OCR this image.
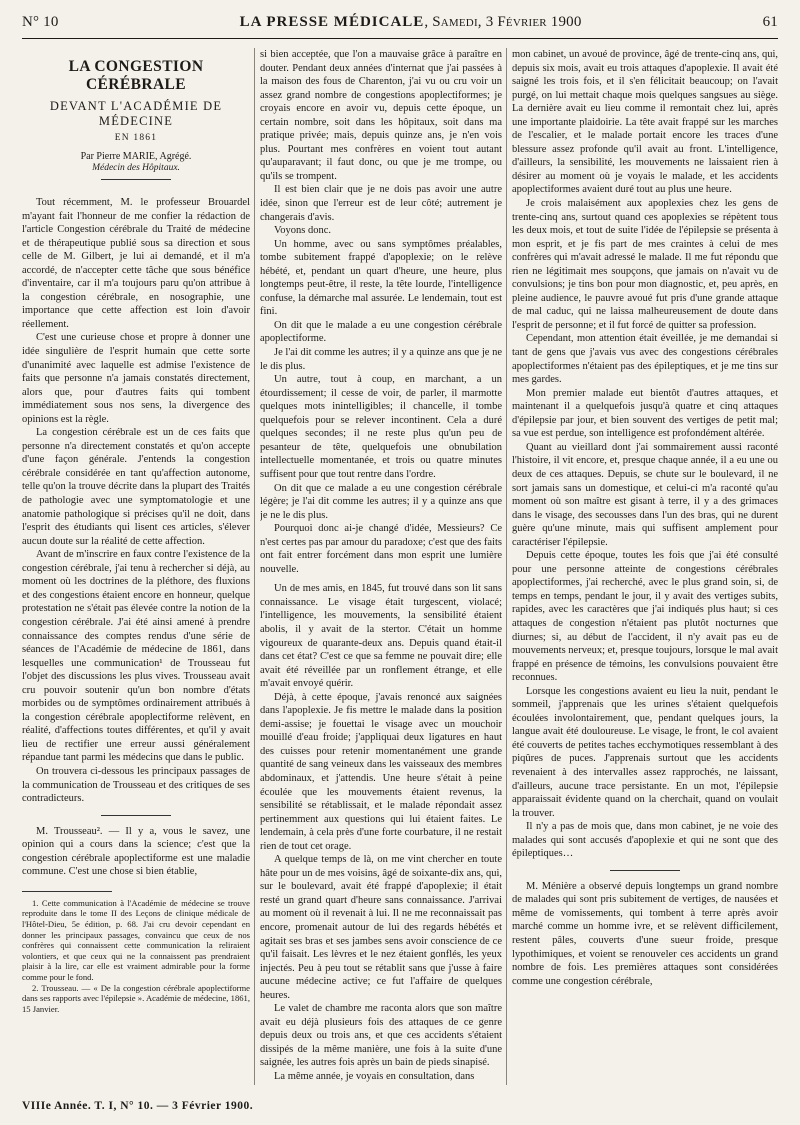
N° 10	LA PRESSE MÉDICALE, Samedi, 3 Février 1900	61
LA CONGESTION CÉRÉBRALE
DEVANT L'ACADÉMIE DE MÉDECINE
EN 1861
Par Pierre MARIE, Agrégé.
Médecin des Hôpitaux.

Tout récemment, M. le professeur Brouardel m'ayant fait l'honneur de me confier la rédaction de l'article Congestion cérébrale du Traité de médecine et de thérapeutique publié sous sa direction et sous celle de M. Gilbert, je lui ai demandé, et il m'a accordé, de n'accepter cette tâche que sous bénéfice d'inventaire, car il m'a toujours paru qu'on attribue à la congestion cérébrale, en nosographie, une importance que cette affection est loin d'avoir réellement.

C'est une curieuse chose et propre à donner une idée singulière de l'esprit humain que cette sorte d'unanimité avec laquelle est admise l'existence de faits que personne n'a jamais constatés directement, alors que, pour d'autres faits qui tombent immédiatement sous nos sens, la divergence des opinions est la règle.

La congestion cérébrale est un de ces faits que personne n'a directement constatés et qu'on accepte d'une façon générale. J'entends la congestion cérébrale considérée en tant qu'affection autonome, telle qu'on la trouve décrite dans la plupart des Traités de pathologie avec une symptomatologie et une anatomie pathologique si précises qu'il ne doit, dans l'esprit des étudiants qui lisent ces articles, s'élever aucun doute sur la réalité de cette affection.

Avant de m'inscrire en faux contre l'existence de la congestion cérébrale, j'ai tenu à rechercher si déjà, au moment où les doctrines de la pléthore, des fluxions et des congestions étaient encore en honneur, quelque protestation ne s'était pas élevée contre la notion de la congestion cérébrale. J'ai été ainsi amené à prendre connaissance des comptes rendus d'une série de séances de l'Académie de médecine de 1861, dans lesquelles une communication¹ de Trousseau fut l'objet des discussions les plus vives. Trousseau avait cru pouvoir soutenir qu'un bon nombre d'états morbides ou de symptômes ordinairement attribués à la congestion cérébrale apoplectiforme relèvent, en réalité, d'affections toutes différentes, et qu'il y avait lieu de rectifier une erreur aussi généralement répandue tant parmi les médecins que dans le public.

On trouvera ci-dessous les principaux passages de la communication de Trousseau et des critiques de ses contradicteurs.

M. Trousseau². — Il y a, vous le savez, une opinion qui a cours dans la science; c'est que la congestion cérébrale apoplectiforme est une maladie commune. C'est une chose si bien établie,

1. Cette communication à l'Académie de médecine se trouve reproduite dans le tome II des Leçons de clinique médicale de l'Hôtel-Dieu, 5e édition, p. 68. J'ai cru devoir cependant en donner les principaux passages, convaincu que ceux de nos confrères qui connaissent cette communication la reliraient volontiers, et que ceux qui ne la connaissent pas prendraient plaisir à la lire, car elle est vraiment admirable pour la forme comme pour le fond.

2. Trousseau. — « De la congestion cérébrale apoplectiforme dans ses rapports avec l'épilepsie ». Académie de médecine, 1861, 15 Janvier.

si bien acceptée, que l'on a mauvaise grâce à paraître en douter. Pendant deux années d'internat que j'ai passées à la maison des fous de Charenton, j'ai vu ou cru voir un assez grand nombre de congestions apoplectiformes; je croyais encore en avoir vu, depuis cette époque, un certain nombre, soit dans les hôpitaux, soit dans ma pratique privée; mais, depuis quinze ans, je n'en vois plus. Pourtant mes confrères en voient tout autant qu'auparavant; il faut donc, ou que je me trompe, ou qu'ils se trompent.

Il est bien clair que je ne dois pas avoir une autre idée, sinon que l'erreur est de leur côté; autrement je changerais d'avis.

Voyons donc.

Un homme, avec ou sans symptômes préalables, tombe subitement frappé d'apoplexie; on le relève hébété, et, pendant un quart d'heure, une heure, plus longtemps peut-être, il reste, la tête lourde, l'intelligence confuse, la démarche mal assurée. Le lendemain, tout est fini.

On dit que le malade a eu une congestion cérébrale apoplectiforme.

Je l'ai dit comme les autres; il y a quinze ans que je ne le dis plus.

Un autre, tout à coup, en marchant, a un étourdissement; il cesse de voir, de parler, il marmotte quelques mots inintelligibles; il chancelle, il tombe quelquefois pour se relever incontinent. Cela a duré quelques secondes; il ne reste plus qu'un peu de pesanteur de tête, quelquefois une obnubilation intellectuelle momentanée, et trois ou quatre minutes suffisent pour que tout rentre dans l'ordre.

On dit que ce malade a eu une congestion cérébrale légère; je l'ai dit comme les autres; il y a quinze ans que je ne le dis plus.

Pourquoi donc ai-je changé d'idée, Messieurs? Ce n'est certes pas par amour du paradoxe; c'est que des faits ont fait entrer forcément dans mon esprit une lumière nouvelle.

Un de mes amis, en 1845, fut trouvé dans son lit sans connaissance. Le visage était turgescent, violacé; l'intelligence, les mouvements, la sensibilité étaient abolis, il y avait de la stertor. C'était un homme vigoureux de quarante-deux ans. Depuis quand était-il dans cet état? C'est ce que sa femme ne pouvait dire; elle avait été réveillée par un ronflement étrange, et elle m'avait envoyé quérir.

Déjà, à cette époque, j'avais renoncé aux saignées dans l'apoplexie. Je fis mettre le malade dans la position demi-assise; je fouettai le visage avec un mouchoir mouillé d'eau froide; j'appliquai deux ligatures en haut des cuisses pour retenir momentanément une grande quantité de sang veineux dans les vaisseaux des membres abdominaux, et j'attendis. Une heure s'était à peine écoulée que les mouvements étaient revenus, la sensibilité se rétablissait, et le malade répondait assez pertinemment aux questions qui lui étaient faites. Le lendemain, à cela près d'une forte courbature, il ne restait rien de tout cet orage.

A quelque temps de là, on me vint chercher en toute hâte pour un de mes voisins, âgé de soixante-dix ans, qui, sur le boulevard, avait été frappé d'apoplexie; il était resté un grand quart d'heure sans connaissance. J'arrivai au moment où il revenait à lui. Il ne me reconnaissait pas encore, promenait autour de lui des regards hébétés et agitait ses bras et ses jambes sens avoir conscience de ce qu'il faisait. Les lèvres et le nez étaient gonflés, les yeux injectés. Peu à peu tout se rétablit sans que j'usse à faire aucune médecine active; ce fut l'affaire de quelques heures.

Le valet de chambre me raconta alors que son maître avait eu déjà plusieurs fois des attaques de ce genre depuis deux ou trois ans, et que ces accidents s'étaient dissipés de la même manière, une fois à la suite d'une saignée, les autres fois après un bain de pieds sinapisé.

La même année, je voyais en consultation, dans

mon cabinet, un avoué de province, âgé de trente-cinq ans, qui, depuis six mois, avait eu trois attaques d'apoplexie. Il avait été saigné les trois fois, et il s'en félicitait beaucoup; on l'avait purgé, on lui mettait chaque mois quelques sangsues au siège. La dernière avait eu lieu comme il remontait chez lui, après une importante plaidoirie. La tête avait frappé sur les marches de l'escalier, et le malade portait encore les traces d'une blessure assez profonde qu'il avait au front. L'intelligence, d'ailleurs, la sensibilité, les mouvements ne laissaient rien à désirer au moment où je voyais le malade, et les accidents apoplectiformes avaient duré tout au plus une heure.

Je crois malaisément aux apoplexies chez les gens de trente-cinq ans, surtout quand ces apoplexies se répètent tous les deux mois, et tout de suite l'idée de l'épilepsie se présenta à mon esprit, et je fis part de mes craintes à celui de mes confrères qui m'avait adressé le malade. Il me fut répondu que rien ne légitimait mes soupçons, que jamais on n'avait vu de convulsions; je tins bon pour mon diagnostic, et, peu après, en pleine audience, le pauvre avoué fut pris d'une grande attaque de mal caduc, qui ne laissa malheureusement de doute dans l'esprit de personne; et il fut forcé de quitter sa profession.

Cependant, mon attention était éveillée, je me demandai si tant de gens que j'avais vus avec des congestions cérébrales apoplectiformes n'étaient pas des épileptiques, et je me tins sur mes gardes.

Mon premier malade eut bientôt d'autres attaques, et maintenant il a quelquefois jusqu'à quatre et cinq attaques d'épilepsie par jour, et bien souvent des vertiges de petit mal; sa vue est perdue, son intelligence est profondément altérée.

Quant au vieillard dont j'ai sommairement aussi raconté l'histoire, il vit encore, et, presque chaque année, il a eu une ou deux de ces attaques. Depuis, se chute sur le boulevard, il ne sort jamais sans un domestique, et celui-ci m'a raconté qu'au moment où son maître est gisant à terre, il y a des grimaces dans le visage, des secousses dans l'un des bras, qui ne durent guère qu'une minute, mais qui suffisent amplement pour caractériser l'épilepsie.

Depuis cette époque, toutes les fois que j'ai été consulté pour une personne atteinte de congestions cérébrales apoplectiformes, j'ai recherché, avec le plus grand soin, si, de temps en temps, pendant le jour, il y avait des vertiges subits, rapides, avec les caractères que j'ai indiqués plus haut; si ces attaques de congestion n'étaient pas plutôt nocturnes que diurnes; si, au début de l'accident, il n'y avait pas eu de mouvements nerveux; et, presque toujours, lorsque le mal avait frappé en présence de témoins, les convulsions pouvaient être reconnues.

Lorsque les congestions avaient eu lieu la nuit, pendant le sommeil, j'apprenais que les urines s'étaient quelquefois écoulées involontairement, que, pendant quelques jours, la langue avait été douloureuse. Le visage, le front, le col avaient été couverts de petites taches ecchymotiques ressemblant à des piqûres de puces. J'apprenais surtout que les accidents revenaient à des intervalles assez rapprochés, ne laissant, d'ailleurs, aucune trace persistante. En un mot, l'épilepsie apparaissait évidente quand on la cherchait, quand on voulait la trouver.

Il n'y a pas de mois que, dans mon cabinet, je ne voie des malades qui sont accusés d'apoplexie et qui ne sont que des épileptiques…

M. Ménière a observé depuis longtemps un grand nombre de malades qui sont pris subitement de vertiges, de nausées et même de vomissements, qui tombent à terre après avoir marché comme un homme ivre, et se relèvent difficilement, restent pâles, couverts d'une sueur froide, presque lypothimiques, et voient se renouveler ces accidents un grand nombre de fois. Les premières attaques sont considérées comme une congestion cérébrale,

VIIIe Année. T. I, N° 10. — 3 Février 1900.
